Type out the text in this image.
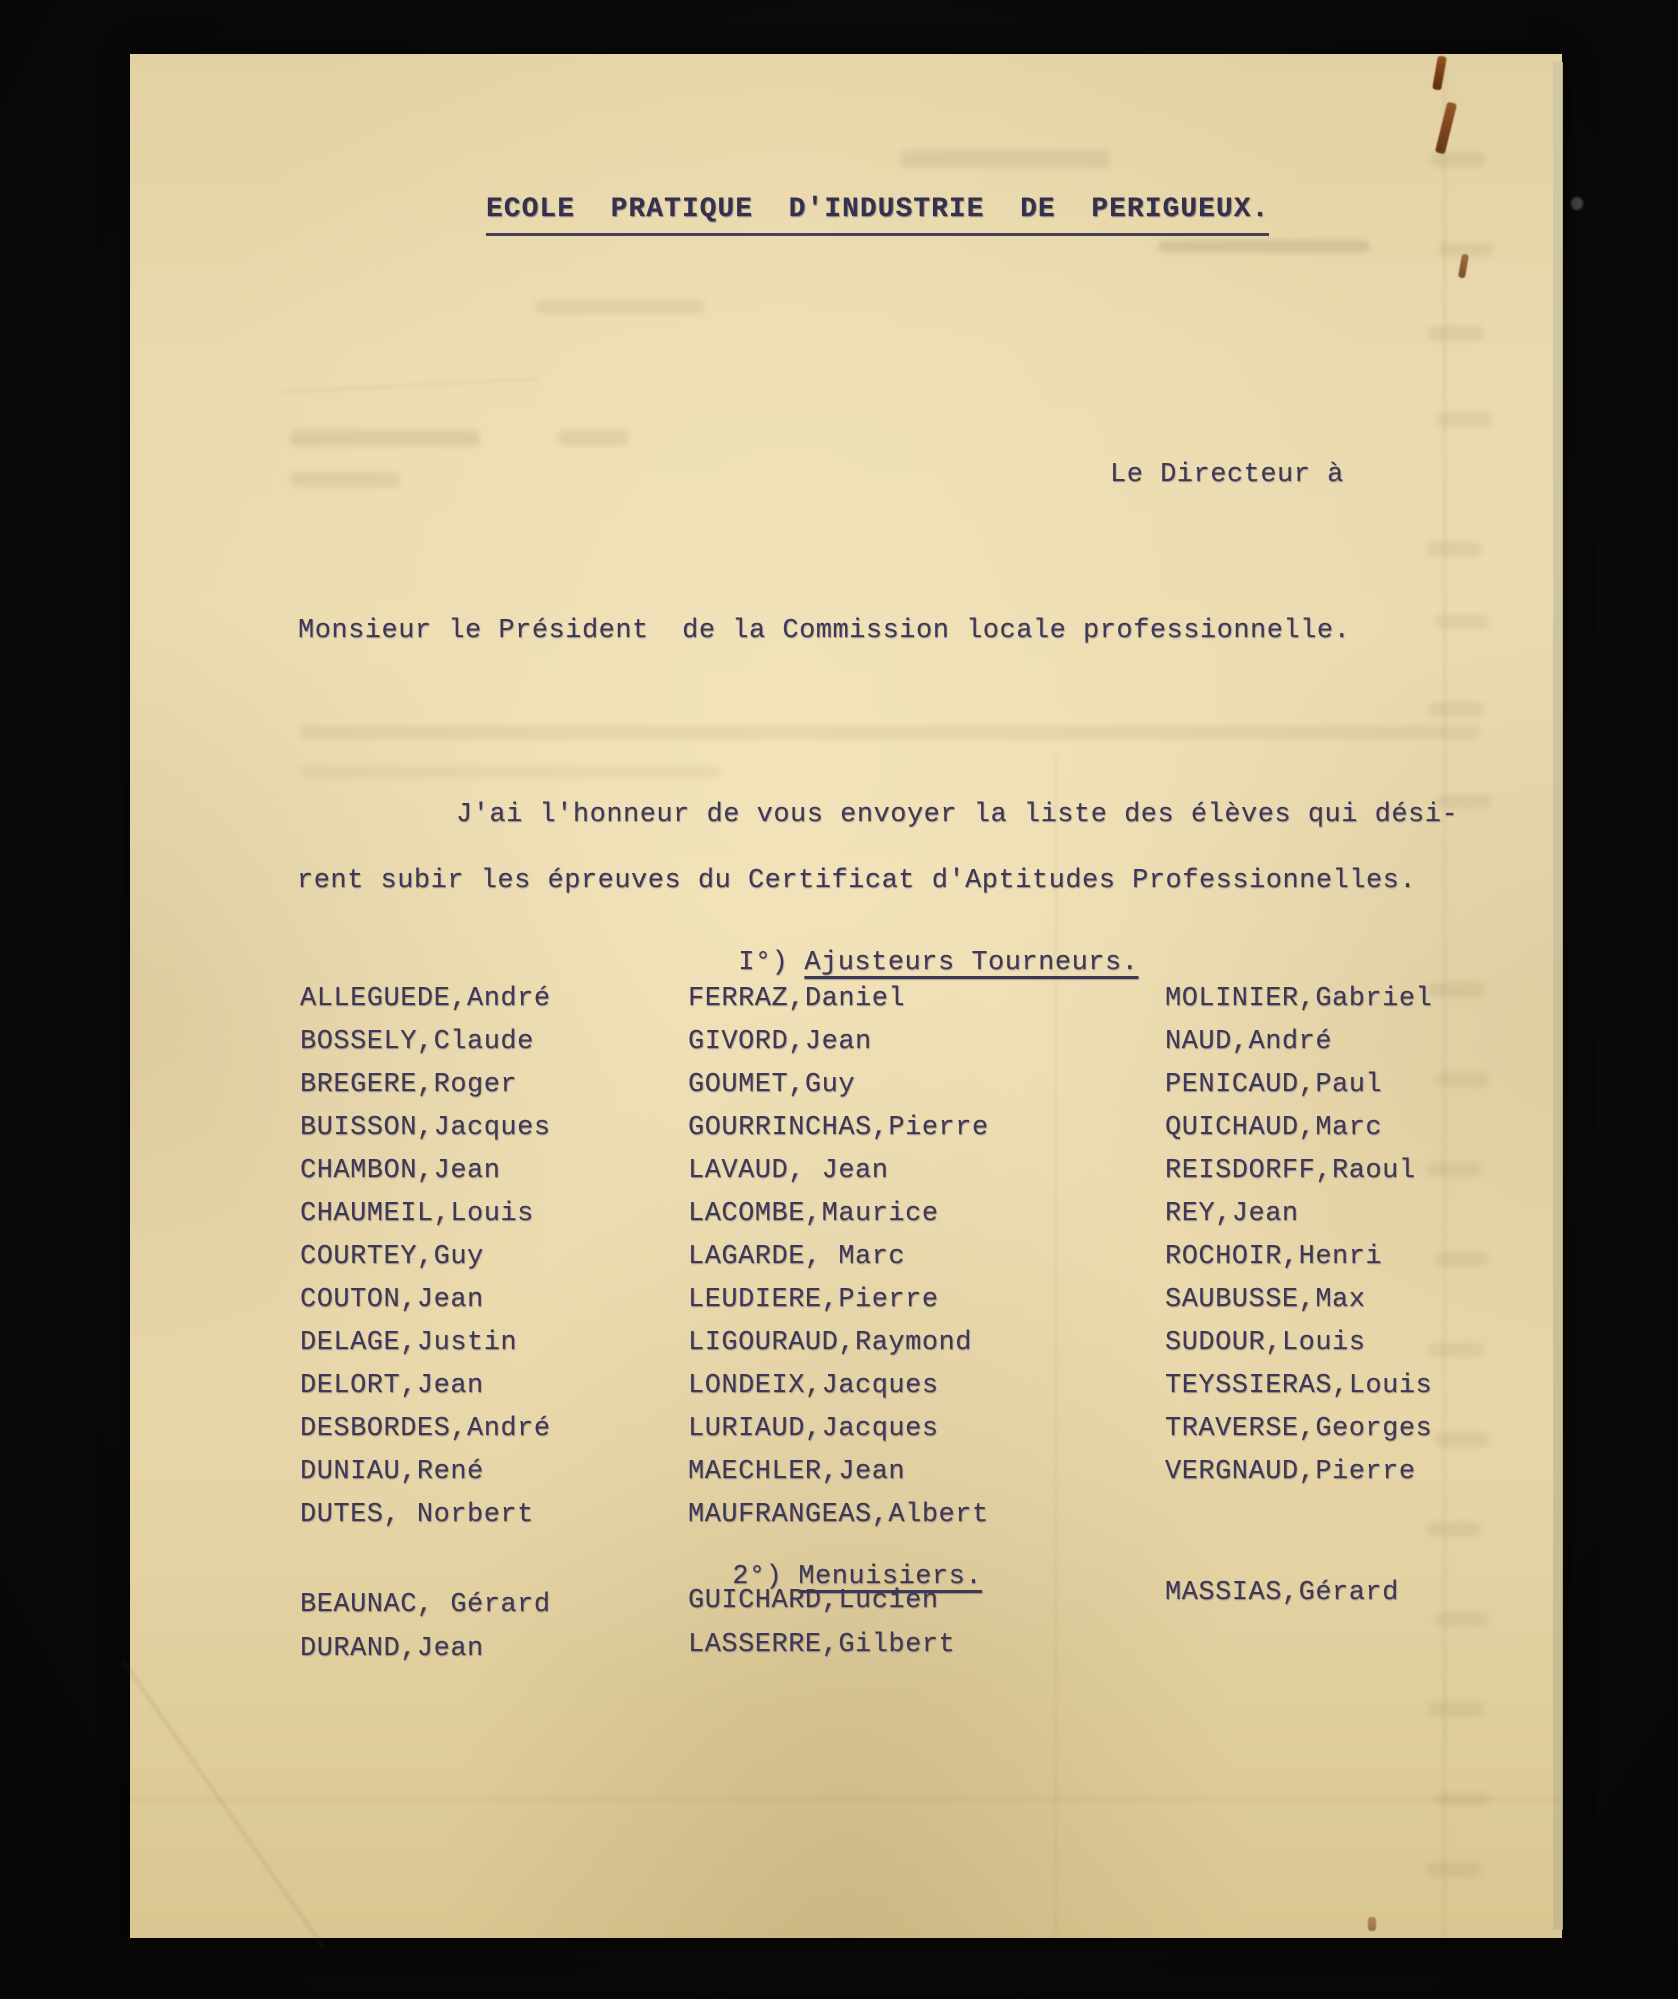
ECOLE  PRATIQUE  D'INDUSTRIE  DE  PERIGUEUX.
Le Directeur à
Monsieur le Président  de la Commission locale professionnelle.
J'ai l'honneur de vous envoyer la liste des élèves qui dési-
rent subir les épreuves du Certificat d'Aptitudes Professionnelles.

I°) Ajusteurs Tourneurs.

ALLEGUEDE,André
BOSSELY,Claude
BREGERE,Roger
BUISSON,Jacques
CHAMBON,Jean
CHAUMEIL,Louis
COURTEY,Guy
COUTON,Jean
DELAGE,Justin
DELORT,Jean
DESBORDES,André
DUNIAU,René
DUTES, Norbert
FERRAZ,Daniel
GIVORD,Jean
GOUMET,Guy
GOURRINCHAS,Pierre
LAVAUD, Jean
LACOMBE,Maurice
LAGARDE, Marc
LEUDIERE,Pierre
LIGOURAUD,Raymond
LONDEIX,Jacques
LURIAUD,Jacques
MAECHLER,Jean
MAUFRANGEAS,Albert
MOLINIER,Gabriel
NAUD,André
PENICAUD,Paul
QUICHAUD,Marc
REISDORFF,Raoul
REY,Jean
ROCHOIR,Henri
SAUBUSSE,Max
SUDOUR,Louis
TEYSSIERAS,Louis
TRAVERSE,Georges
VERGNAUD,Pierre

2°) Menuisiers.

BEAUNAC, Gérard
DURAND,Jean
GUICHARD,Lucien
LASSERRE,Gilbert
MASSIAS,Gérard
